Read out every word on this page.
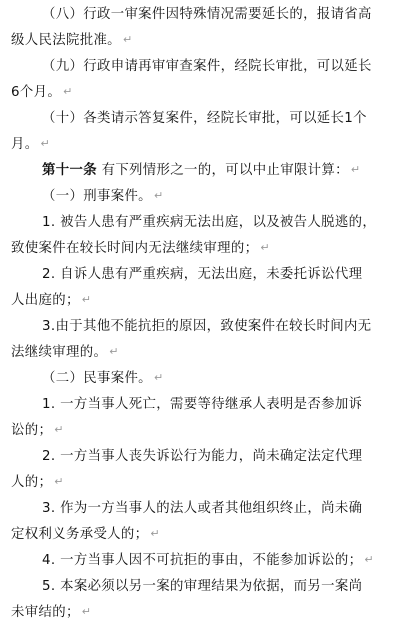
（八）行政一审案件因特殊情况需要延长的，报请省高
级人民法院批准。 ↵
（九）行政申请再审审查案件，经院长审批，可以延长
6个月。 ↵
（十）各类请示答复案件，经院长审批，可以延长1个
月。 ↵
第十一条 有下列情形之一的，可以中止审限计算： ↵
（一）刑事案件。 ↵
1. 被告人患有严重疾病无法出庭，以及被告人脱逃的，
致使案件在较长时间内无法继续审理的； ↵
2. 自诉人患有严重疾病，无法出庭，未委托诉讼代理
人出庭的； ↵
3.由于其他不能抗拒的原因，致使案件在较长时间内无
法继续审理的。 ↵
（二）民事案件。 ↵
1. 一方当事人死亡，需要等待继承人表明是否参加诉
讼的； ↵
2. 一方当事人丧失诉讼行为能力，尚未确定法定代理
人的； ↵
3. 作为一方当事人的法人或者其他组织终止，尚未确
定权利义务承受人的； ↵
4. 一方当事人因不可抗拒的事由，不能参加诉讼的； ↵
5. 本案必须以另一案的审理结果为依据，而另一案尚
未审结的； ↵
